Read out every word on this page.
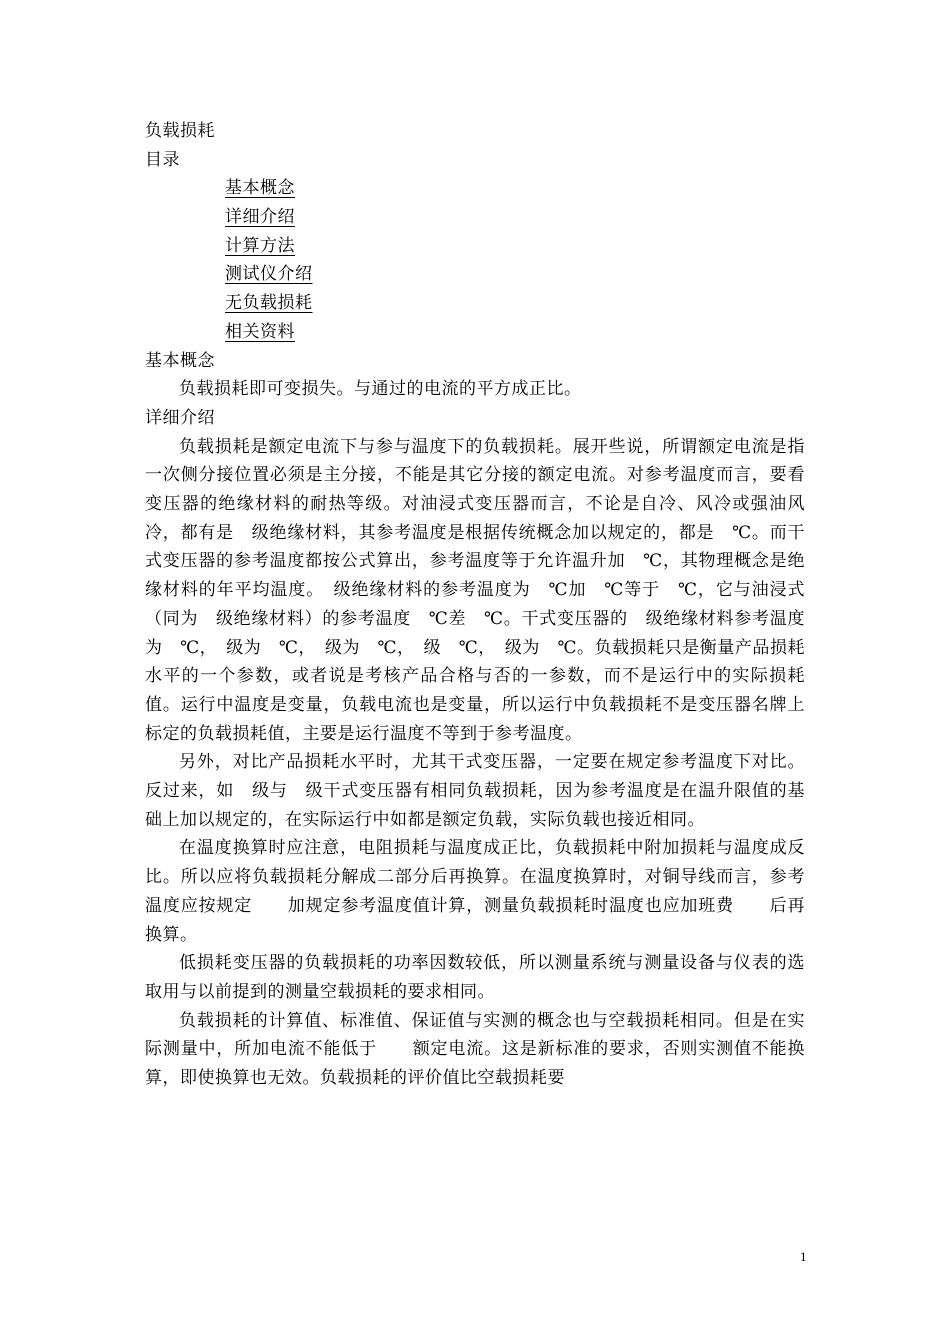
负载损耗
目录
基本概念
详细介绍
计算方法
测试仪介绍
无负载损耗
相关资料
基本概念

负载损耗即可变损失。与通过的电流的平方成正比。

详细介绍

负载损耗是额定电流下与参与温度下的负载损耗。展开些说，所谓额定电流是指一次侧分接位置必须是主分接，不能是其它分接的额定电流。对参考温度而言，要看变压器的绝缘材料的耐热等级。对油浸式变压器而言，不论是自冷、风冷或强油风冷，都有是　级绝缘材料，其参考温度是根据传统概念加以规定的，都是　℃。而干式变压器的参考温度都按公式算出，参考温度等于允许温升加　℃，其物理概念是绝缘材料的年平均温度。　级绝缘材料的参考温度为　℃加　℃等于　℃，它与油浸式（同为　级绝缘材料）的参考温度　℃差　℃。干式变压器的　级绝缘材料参考温度为　℃，　级为　℃，　级为　℃，　级　℃，　级为　℃。负载损耗只是衡量产品损耗水平的一个参数，或者说是考核产品合格与否的一参数，而不是运行中的实际损耗值。运行中温度是变量，负载电流也是变量，所以运行中负载损耗不是变压器名牌上标定的负载损耗值，主要是运行温度不等到于参考温度。

另外，对比产品损耗水平时，尤其干式变压器，一定要在规定参考温度下对比。反过来，如　级与　级干式变压器有相同负载损耗，因为参考温度是在温升限值的基础上加以规定的，在实际运行中如都是额定负载，实际负载也接近相同。

在温度换算时应注意，电阻损耗与温度成正比，负载损耗中附加损耗与温度成反比。所以应将负载损耗分解成二部分后再换算。在温度换算时，对铜导线而言，参考温度应按规定　　加规定参考温度值计算，测量负载损耗时温度也应加班费　　后再换算。

低损耗变压器的负载损耗的功率因数较低，所以测量系统与测量设备与仪表的选取用与以前提到的测量空载损耗的要求相同。

负载损耗的计算值、标准值、保证值与实测的概念也与空载损耗相同。但是在实际测量中，所加电流不能低于　　额定电流。这是新标准的要求，否则实测值不能换算，即使换算也无效。负载损耗的评价值比空载损耗要

1
